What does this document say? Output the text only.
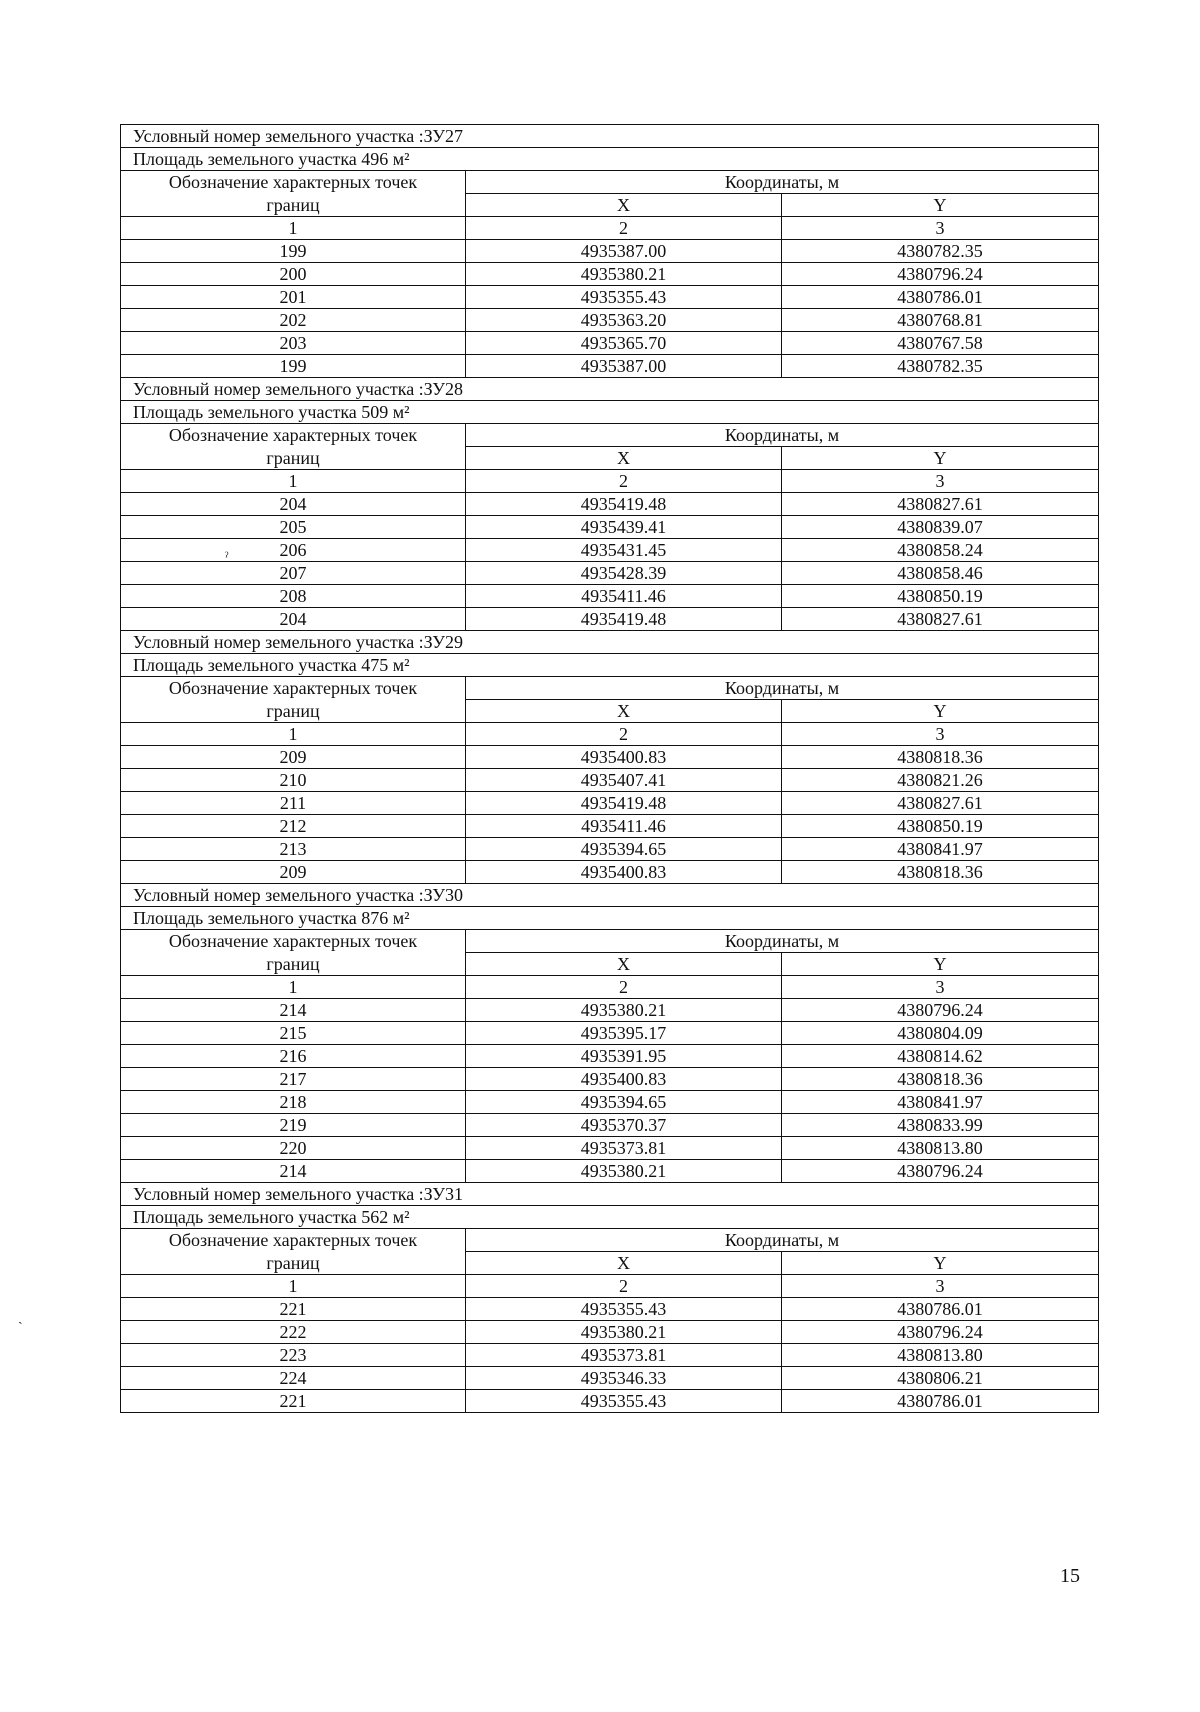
Условный номер земельного участка :ЗУ27		
Площадь земельного участка 496 м²		
Обозначение характерных точек	Координаты, м	
границ	X	Y
1	2	3
199	4935387.00	4380782.35
200	4935380.21	4380796.24
201	4935355.43	4380786.01
202	4935363.20	4380768.81
203	4935365.70	4380767.58
199	4935387.00	4380782.35
Условный номер земельного участка :ЗУ28		
Площадь земельного участка 509 м²		
Обозначение характерных точек	Координаты, м	
границ	X	Y
1	2	3
204	4935419.48	4380827.61
205	4935439.41	4380839.07
206	4935431.45	4380858.24
207	4935428.39	4380858.46
208	4935411.46	4380850.19
204	4935419.48	4380827.61
Условный номер земельного участка :ЗУ29		
Площадь земельного участка 475 м²		
Обозначение характерных точек	Координаты, м	
границ	X	Y
1	2	3
209	4935400.83	4380818.36
210	4935407.41	4380821.26
211	4935419.48	4380827.61
212	4935411.46	4380850.19
213	4935394.65	4380841.97
209	4935400.83	4380818.36
Условный номер земельного участка :ЗУ30		
Площадь земельного участка 876 м²		
Обозначение характерных точек	Координаты, м	
границ	X	Y
1	2	3
214	4935380.21	4380796.24
215	4935395.17	4380804.09
216	4935391.95	4380814.62
217	4935400.83	4380818.36
218	4935394.65	4380841.97
219	4935370.37	4380833.99
220	4935373.81	4380813.80
214	4935380.21	4380796.24
Условный номер земельного участка :ЗУ31		
Площадь земельного участка 562 м²		
Обозначение характерных точек	Координаты, м	
границ	X	Y
1	2	3
221	4935355.43	4380786.01
222	4935380.21	4380796.24
223	4935373.81	4380813.80
224	4935346.33	4380806.21
221	4935355.43	4380786.01
15
ˀ
ˏ
